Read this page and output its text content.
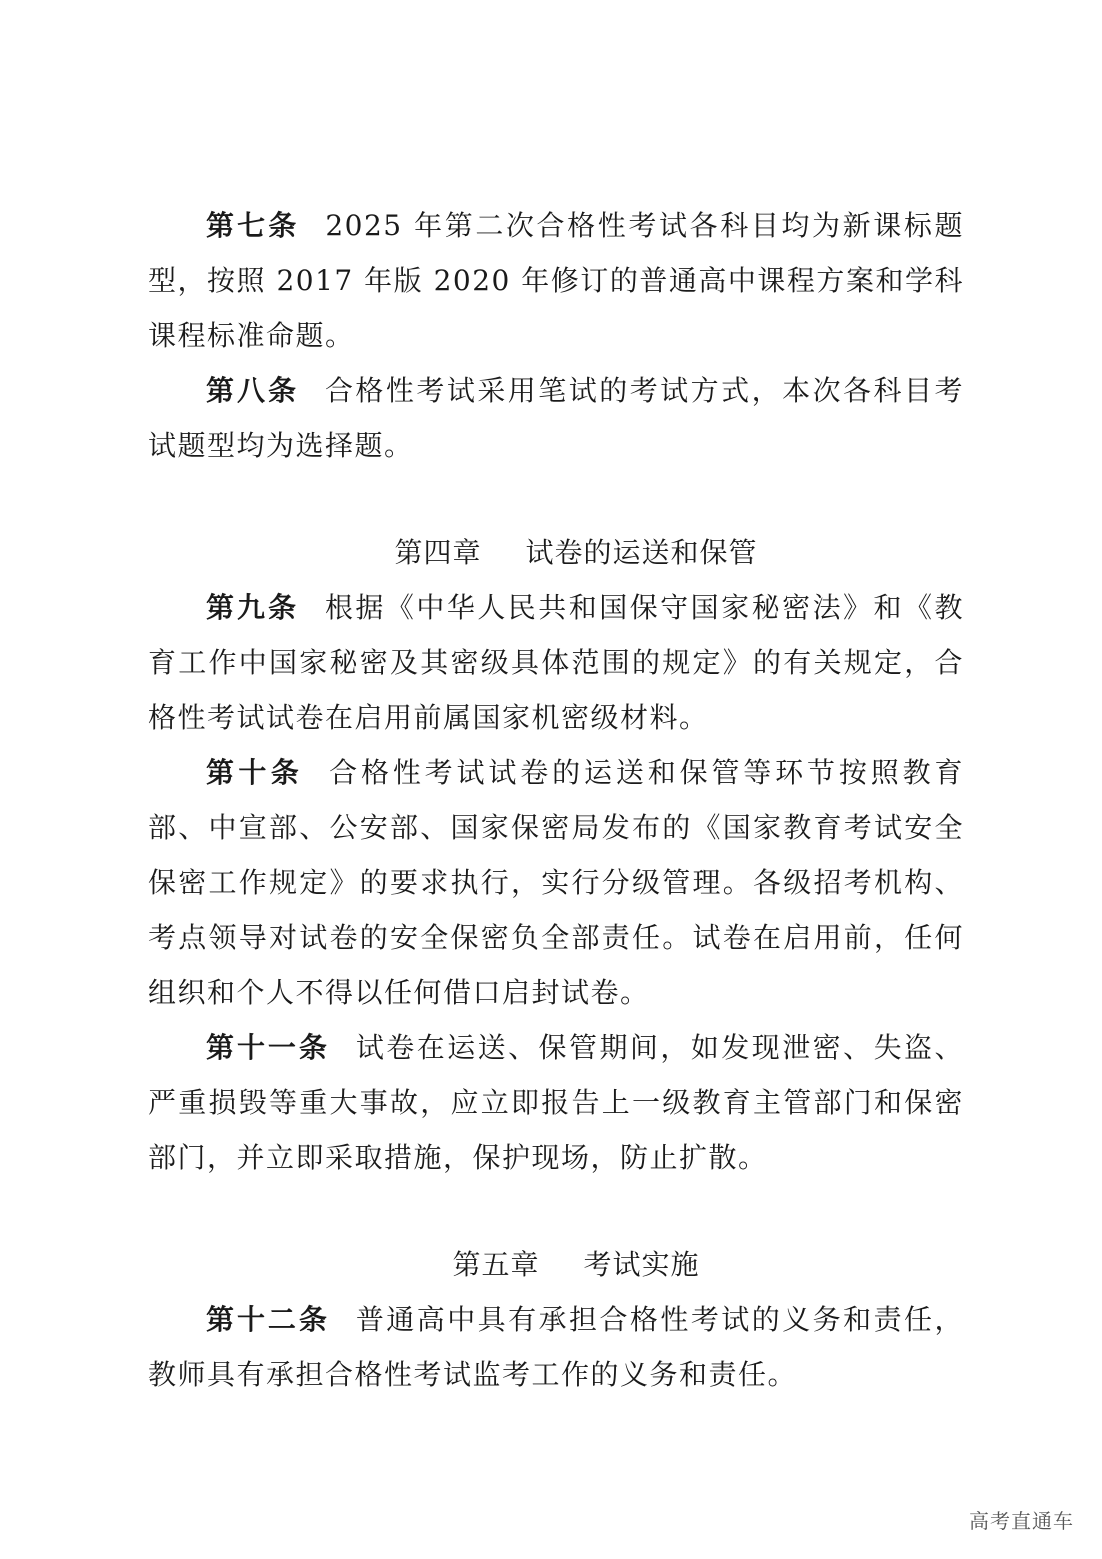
第七条 2025 年第二次合格性考试各科目均为新课标题型，按照 2017 年版 2020 年修订的普通高中课程方案和学科课程标准命题。

第八条 合格性考试采用笔试的考试方式，本次各科目考试题型均为选择题。

第四章 试卷的运送和保管

第九条 根据《中华人民共和国保守国家秘密法》和《教育工作中国家秘密及其密级具体范围的规定》的有关规定，合格性考试试卷在启用前属国家机密级材料。

第十条 合格性考试试卷的运送和保管等环节按照教育部、中宣部、公安部、国家保密局发布的《国家教育考试安全保密工作规定》的要求执行，实行分级管理。各级招考机构、考点领导对试卷的安全保密负全部责任。试卷在启用前，任何组织和个人不得以任何借口启封试卷。

第十一条 试卷在运送、保管期间，如发现泄密、失盗、严重损毁等重大事故，应立即报告上一级教育主管部门和保密部门，并立即采取措施，保护现场，防止扩散。

第五章 考试实施

第十二条 普通高中具有承担合格性考试的义务和责任，教师具有承担合格性考试监考工作的义务和责任。

高考直通车
